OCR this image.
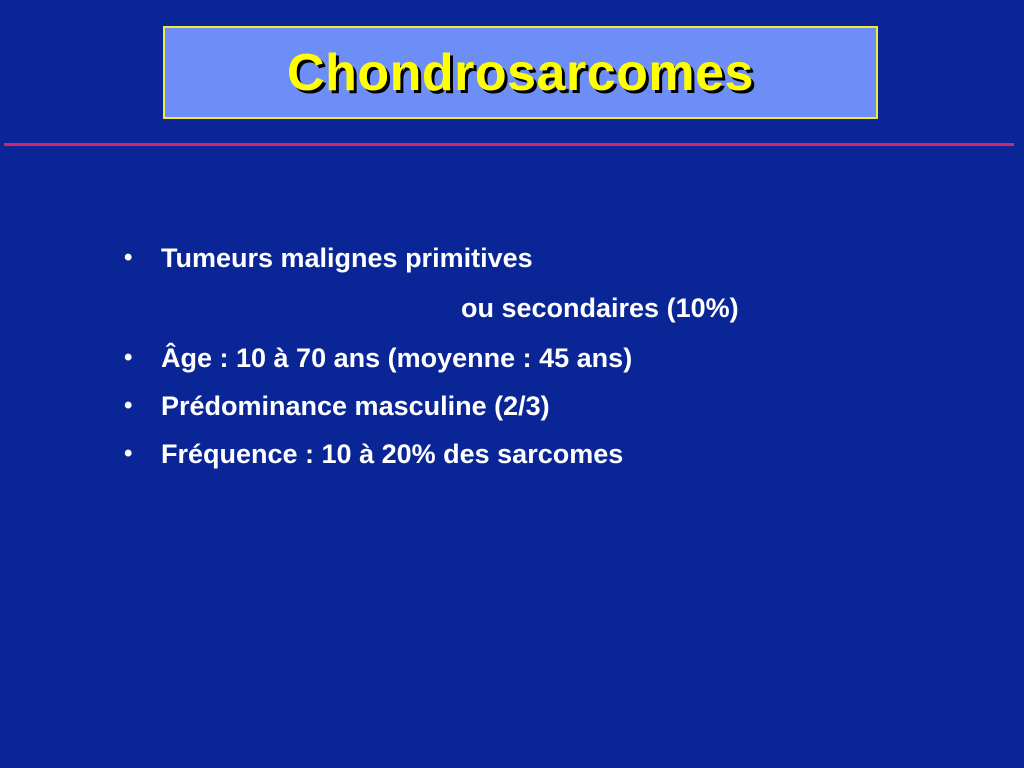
Chondrosarcomes
• Tumeurs malignes primitives
ou secondaires (10%)
• Âge : 10 à 70 ans (moyenne : 45 ans)
• Prédominance masculine (2/3)
• Fréquence : 10 à 20% des sarcomes
